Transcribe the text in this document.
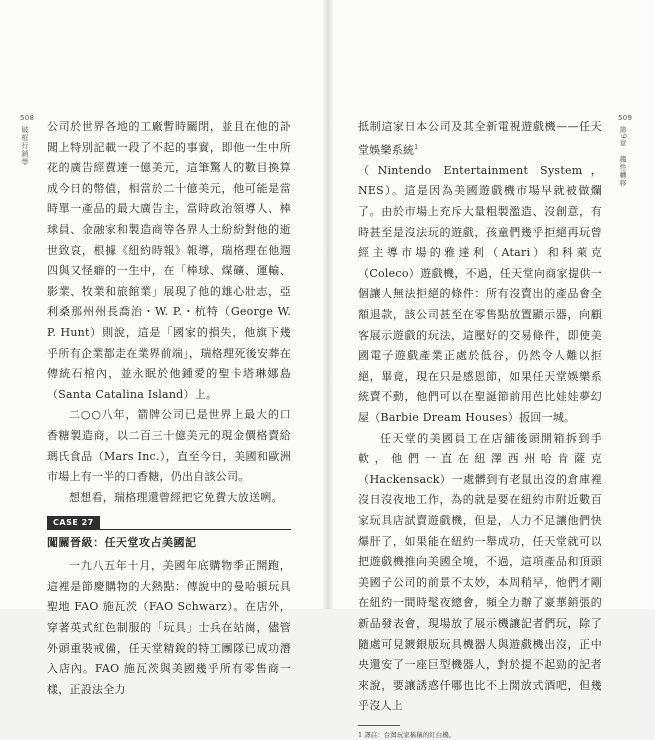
508
破框行銷學 公司於世界各地的工廠暫時關閉，並且在他的訃聞上特別記載一段了不起的事實，即他一生中所花的廣告經費達一億美元，這筆驚人的數目換算成今日的幣值，相當於二十億美元，他可能是當時單一產品的最大廣告主，當時政治領導人、棒球員、金融家和製造商等各界人士紛紛對他的逝世致哀，根據《紐約時報》報導，瑞格理在他週四與又怪癖的一生中，在「棒球、煤礦、運輸、影業、牧業和旅館業」展現了他的雄心壯志，亞利桑那州州長喬治・W. P.・杭特（George W. P. Hunt）則說，這是「國家的損失，他旗下幾乎所有企業都走在業界前端」，瑞格理死後安葬在傳統石棺內，並永眠於他鍾愛的聖卡塔琳娜島（Santa Catalina Island）上。

二○○八年，箭牌公司已是世界上最大的口香糖製造商，以二百三十億美元的現金價格賣給瑪氏食品（Mars Inc.），直至今日，美國和歐洲市場上有一半的口香糖，仍出自該公司。

想想看，瑞格理還曾經把它免費大放送咧。

CASE 27
闖關晉級：任天堂攻占美國記

一九八五年十月，美國年底購物季正開跑，這裡是節慶購物的大熱點：傳說中的曼哈頓玩具聖地 FAO 施瓦茨（FAO Schwarz）。在店外，穿著英式紅色制服的「玩具」士兵在站崗，儘管外頭重裝戒備，任天堂精銳的特工團隊已成功潛入店內。FAO 施瓦茨與美國幾乎所有零售商一樣，正設法全力

抵制這家日本公司及其全新電視遊戲機——任天堂娛樂系統$^1$

（Nintendo Entertainment System，NES）。這是因為美國遊戲機市場早就被做爛了。由於市場上充斥大量粗製濫造、沒創意，有時甚至是沒法玩的遊戲，孩童們幾乎拒絕再玩曾經主導市場的雅達利（Atari）和科萊克（Coleco）遊戲機，不過，任天堂向商家提供一個讓人無法拒絕的條件：所有沒賣出的產品會全額退款，該公司甚至在零售點放置顯示器，向顧客展示遊戲的玩法，這壓好的交易條件，即使美國電子遊戲產業正處於低谷，仍然令人難以拒絕，畢竟，現在只是感恩節，如果任天堂娛樂系統賣不動，他們可以在聖誕節前用芭比娃娃夢幻屋（Barbie Dream Houses）扳回一城。

任天堂的美國員工在店舖後頭開箱拆到手軟，他們一直在紐澤西州哈肯薩克（Hackensack）一處髒到有老鼠出沒的倉庫裡沒日沒夜地工作，為的就是要在紐約市附近數百家玩具店試賣遊戲機，但是，人力不足讓他們快爆肝了，如果能在紐約一舉成功，任天堂就可以把遊戲機推向美國全境，不過，這項產品和頂頭美國子公司的前景不太妙，本周稍早，他們才剛在紐約一間時髦夜總會，頻全力辦了豪華銷張的新品發表會，現場放了展示機讓記者們玩，除了隨處可見鍍銀版玩具機器人與遊戲機出沒，正中央還安了一座巨型機器人，對於提不起勁的記者來說，要讓誘惑仟哪也比不上閒放式酒吧，但幾乎沒人上

1 譯註：台灣玩家稱稱的紅白機。
509
第9章　趨性轉移
